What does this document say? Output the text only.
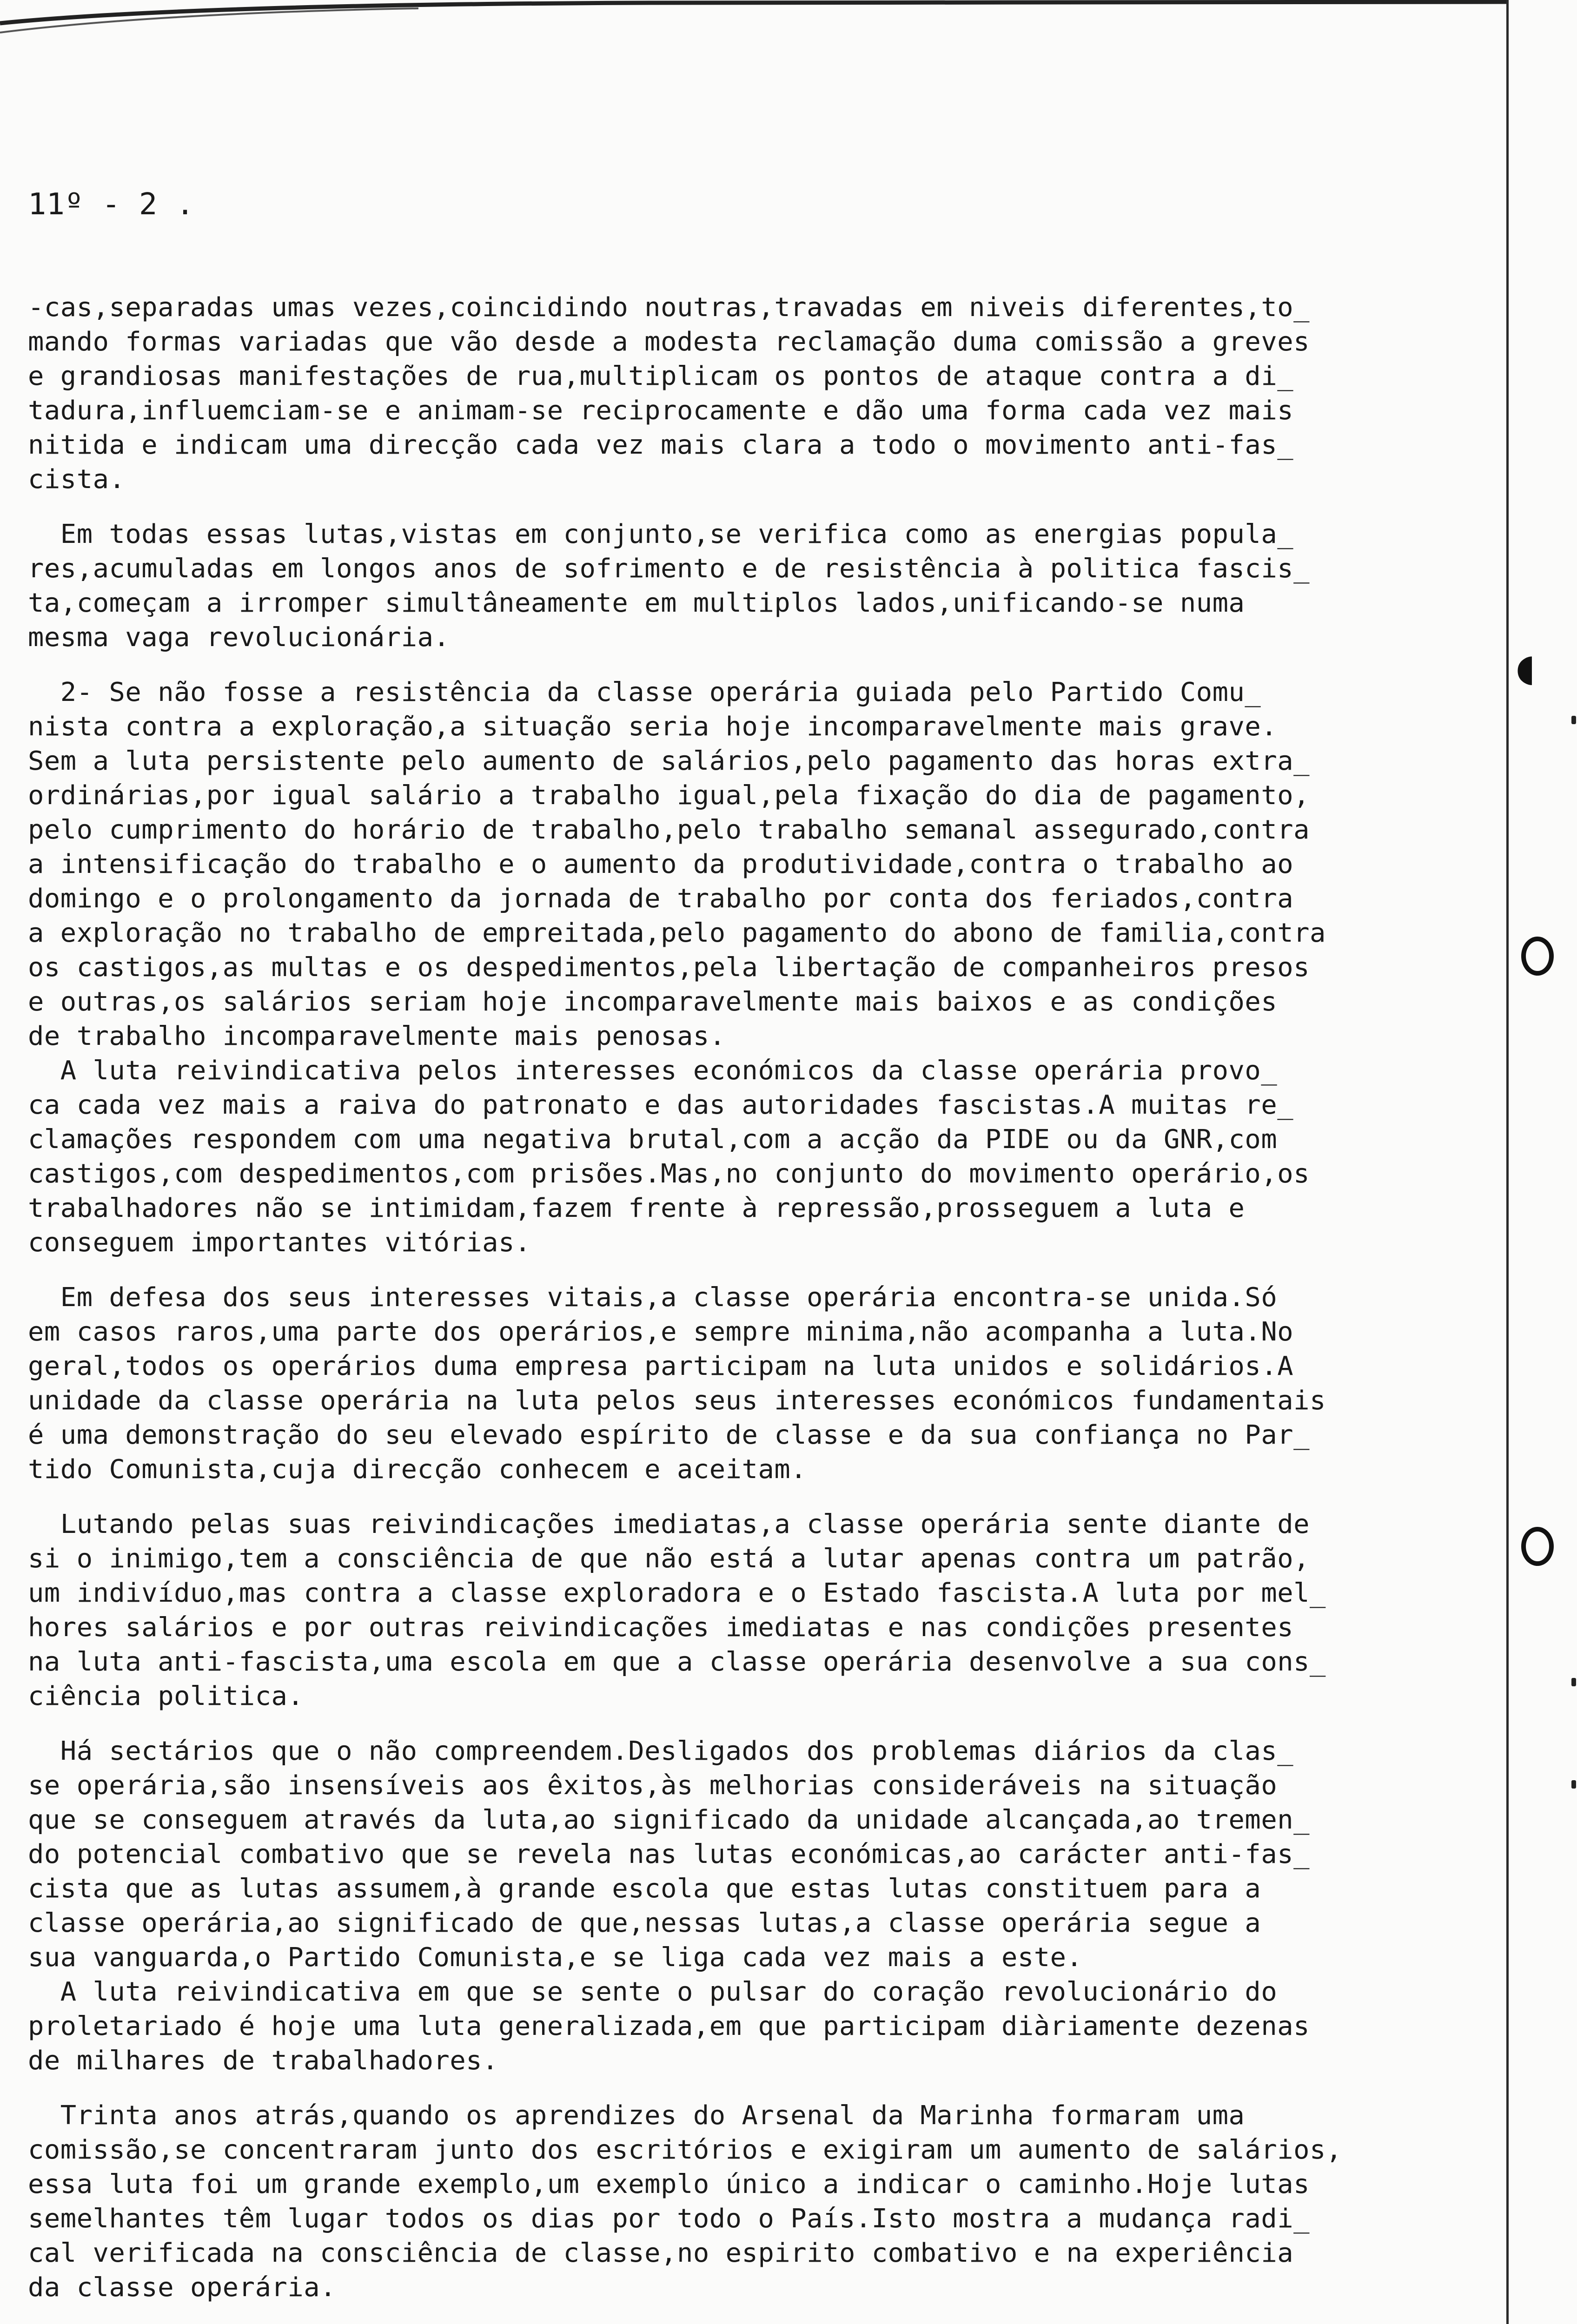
◖

11º - 2 .

-cas,separadas umas vezes,coincidindo noutras,travadas em niveis diferentes,to_
mando formas variadas que vão desde a modesta reclamação duma comissão a greves
e grandiosas manifestações de rua,multiplicam os pontos de ataque contra a di_
tadura,influemciam-se e animam-se reciprocamente e dão uma forma cada vez mais
nitida e indicam uma direcção cada vez mais clara a todo o movimento anti-fas_
cista.
Em todas essas lutas,vistas em conjunto,se verifica como as energias popula_
res,acumuladas em longos anos de sofrimento e de resistência à politica fascis_
ta,começam a irromper simultâneamente em multiplos lados,unificando-se numa
mesma vaga revolucionária.
2- Se não fosse a resistência da classe operária guiada pelo Partido Comu_
nista contra a exploração,a situação seria hoje incomparavelmente mais grave.
Sem a luta persistente pelo aumento de salários,pelo pagamento das horas extra_
ordinárias,por igual salário a trabalho igual,pela fixação do dia de pagamento,
pelo cumprimento do horário de trabalho,pelo trabalho semanal assegurado,contra
a intensificação do trabalho e o aumento da produtividade,contra o trabalho ao
domingo e o prolongamento da jornada de trabalho por conta dos feriados,contra
a exploração no trabalho de empreitada,pelo pagamento do abono de familia,contra
os castigos,as multas e os despedimentos,pela libertação de companheiros presos
e outras,os salários seriam hoje incomparavelmente mais baixos e as condições
de trabalho incomparavelmente mais penosas.
A luta reivindicativa pelos interesses económicos da classe operária provo_
ca cada vez mais a raiva do patronato e das autoridades fascistas.A muitas re_
clamações respondem com uma negativa brutal,com a acção da PIDE ou da GNR,com
castigos,com despedimentos,com prisões.Mas,no conjunto do movimento operário,os
trabalhadores não se intimidam,fazem frente à repressão,prosseguem a luta e
conseguem importantes vitórias.
Em defesa dos seus interesses vitais,a classe operária encontra-se unida.Só
em casos raros,uma parte dos operários,e sempre minima,não acompanha a luta.No
geral,todos os operários duma empresa participam na luta unidos e solidários.A
unidade da classe operária na luta pelos seus interesses económicos fundamentais
é uma demonstração do seu elevado espírito de classe e da sua confiança no Par_
tido Comunista,cuja direcção conhecem e aceitam.
Lutando pelas suas reivindicações imediatas,a classe operária sente diante de
si o inimigo,tem a consciência de que não está a lutar apenas contra um patrão,
um indivíduo,mas contra a classe exploradora e o Estado fascista.A luta por mel_
hores salários e por outras reivindicações imediatas e nas condições presentes
na luta anti-fascista,uma escola em que a classe operária desenvolve a sua cons_
ciência politica.
Há sectários que o não compreendem.Desligados dos problemas diários da clas_
se operária,são insensíveis aos êxitos,às melhorias consideráveis na situação
que se conseguem através da luta,ao significado da unidade alcançada,ao tremen_
do potencial combativo que se revela nas lutas económicas,ao carácter anti-fas_
cista que as lutas assumem,à grande escola que estas lutas constituem para a
classe operária,ao significado de que,nessas lutas,a classe operária segue a
sua vanguarda,o Partido Comunista,e se liga cada vez mais a este.
A luta reivindicativa em que se sente o pulsar do coração revolucionário do
proletariado é hoje uma luta generalizada,em que participam diàriamente dezenas
de milhares de trabalhadores.
Trinta anos atrás,quando os aprendizes do Arsenal da Marinha formaram uma
comissão,se concentraram junto dos escritórios e exigiram um aumento de salários,
essa luta foi um grande exemplo,um exemplo único a indicar o caminho.Hoje lutas
semelhantes têm lugar todos os dias por todo o País.Isto mostra a mudança radi_
cal verificada na consciência de classe,no espirito combativo e na experiência
da classe operária.
